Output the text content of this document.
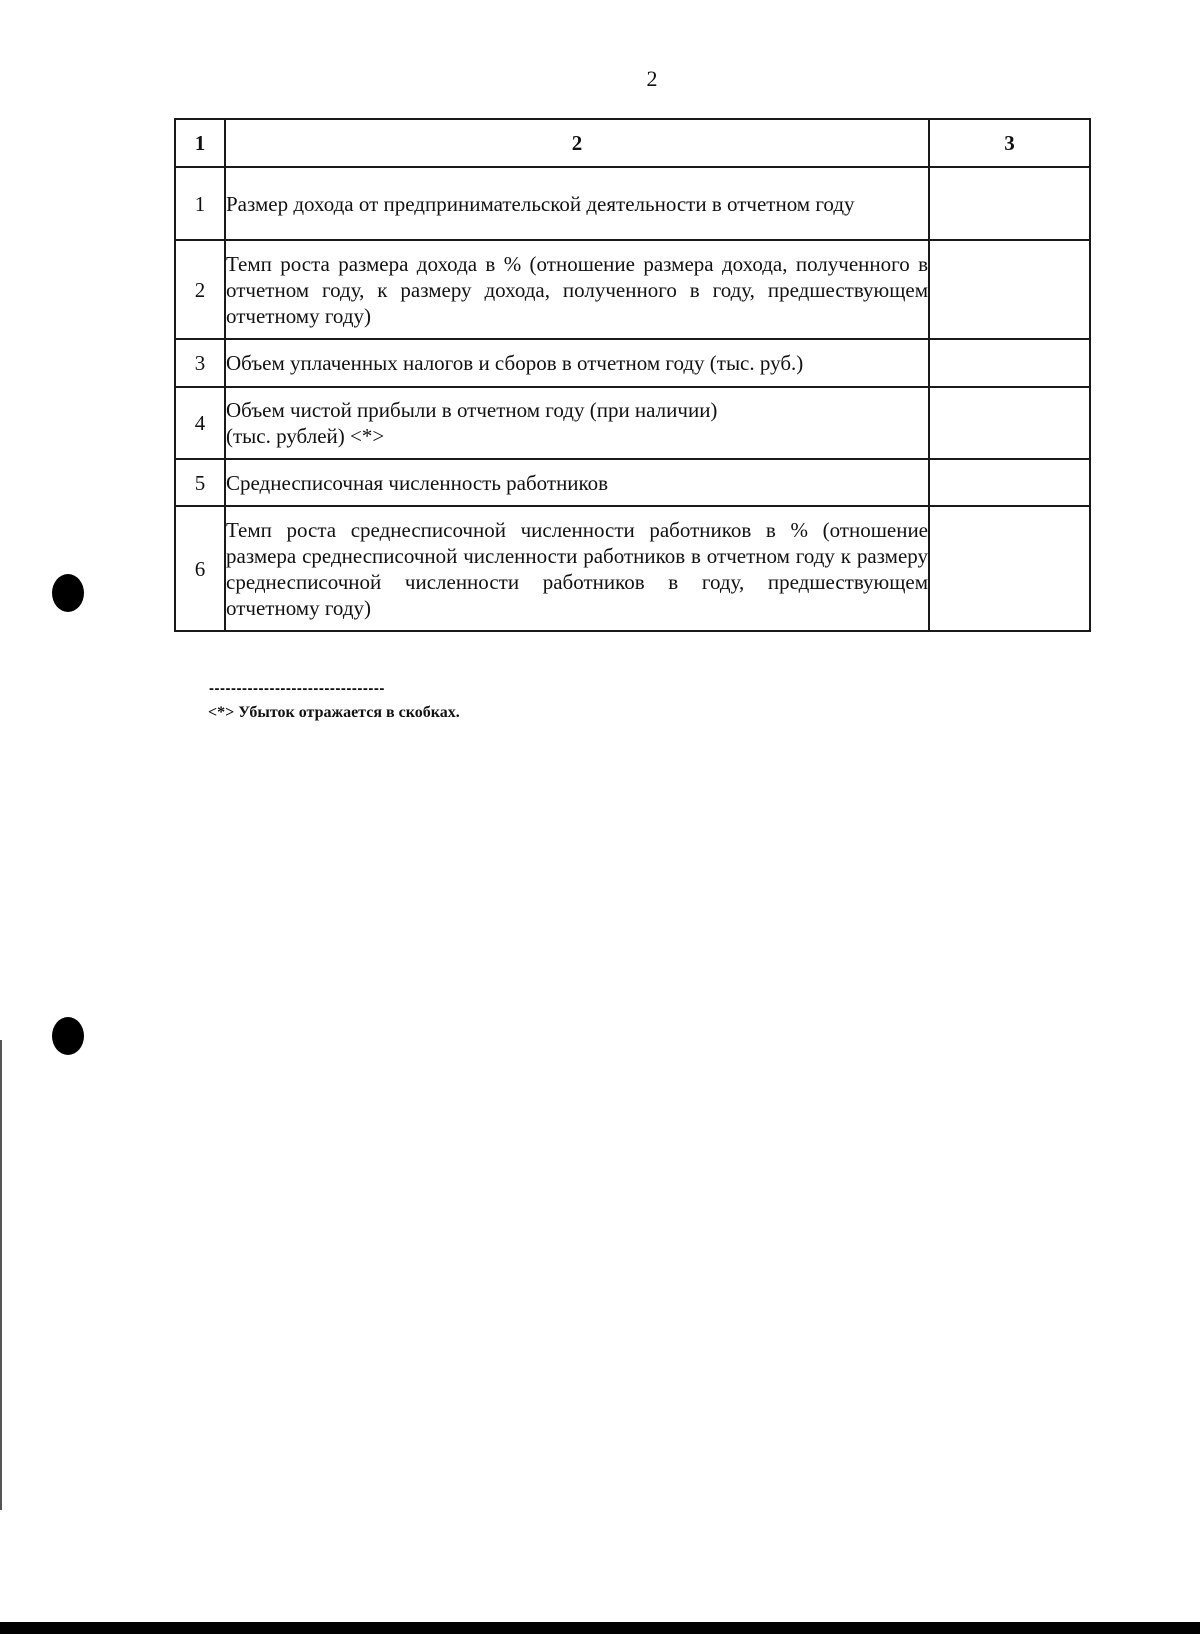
2
1	2	3
1	Размер дохода от предпринимательской деятельности в отчетном году	
2	Темп роста размера дохода в % (отношение размера дохода, полученного в отчетном году, к размеру дохода, полученного в году, предшествующем отчетному году)	
3	Объем уплаченных налогов и сборов в отчетном году (тыс. руб.)	
4	Объем чистой прибыли в отчетном году (при наличии)
(тыс. рублей) <*>	

5	Среднесписочная численность работников	
6	Темп роста среднесписочной численности работников в % (отношение размера среднесписочной численности работников в отчетном году к размеру среднесписочной численности работников в году, предшествующем отчетному году)	
--------------------------------
<*> Убыток отражается в скобках.
